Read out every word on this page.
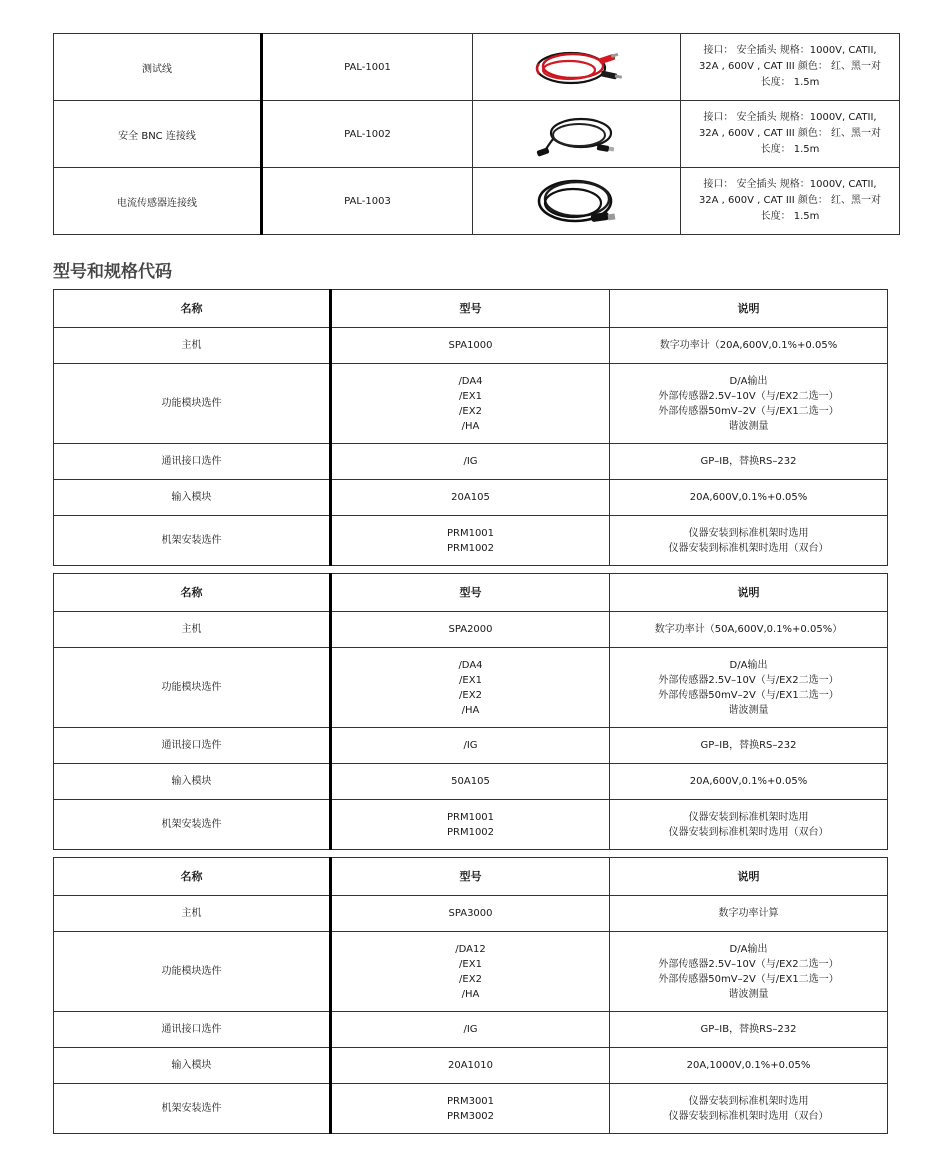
测试线	PAL-1001		接口： 安全插头 规格：1000V, CATII,
32A , 600V , CAT III 颜色： 红、黑一对
长度： 1.5m

安全 BNC 连接线	PAL-1002		接口： 安全插头 规格：1000V, CATII,
32A , 600V , CAT III 颜色： 红、黑一对
长度： 1.5m

电流传感器连接线	PAL-1003		接口： 安全插头 规格：1000V, CATII,
32A , 600V , CAT III 颜色： 红、黑一对
长度： 1.5m
型号和规格代码
名称	型号	说明
主机	SPA1000	数字功率计（20A,600V,0.1%+0.05%
功能模块选件	/DA4
/EX1
/EX2
/HA	D/A输出
外部传感器2.5V–10V（与/EX2二选一）
外部传感器50mV–2V（与/EX1二选一）
谐波测量

通讯接口选件	/IG	GP–IB，替换RS–232
输入模块	20A105	20A,600V,0.1%+0.05%
机架安装选件	PRM1001
PRM1002	仪器安装到标准机架时选用
仪器安装到标准机架时选用（双台）
名称	型号	说明
主机	SPA2000	数字功率计（50A,600V,0.1%+0.05%）
功能模块选件	/DA4
/EX1
/EX2
/HA	D/A输出
外部传感器2.5V–10V（与/EX2二选一）
外部传感器50mV–2V（与/EX1二选一）
谐波测量

通讯接口选件	/IG	GP–IB，替换RS–232
输入模块	50A105	20A,600V,0.1%+0.05%
机架安装选件	PRM1001
PRM1002	仪器安装到标准机架时选用
仪器安装到标准机架时选用（双台）
名称	型号	说明
主机	SPA3000	数字功率计算
功能模块选件	/DA12
/EX1
/EX2
/HA	D/A输出
外部传感器2.5V–10V（与/EX2二选一）
外部传感器50mV–2V（与/EX1二选一）
谐波测量

通讯接口选件	/IG	GP–IB，替换RS–232
输入模块	20A1010	20A,1000V,0.1%+0.05%
机架安装选件	PRM3001
PRM3002	仪器安装到标准机架时选用
仪器安装到标准机架时选用（双台）
